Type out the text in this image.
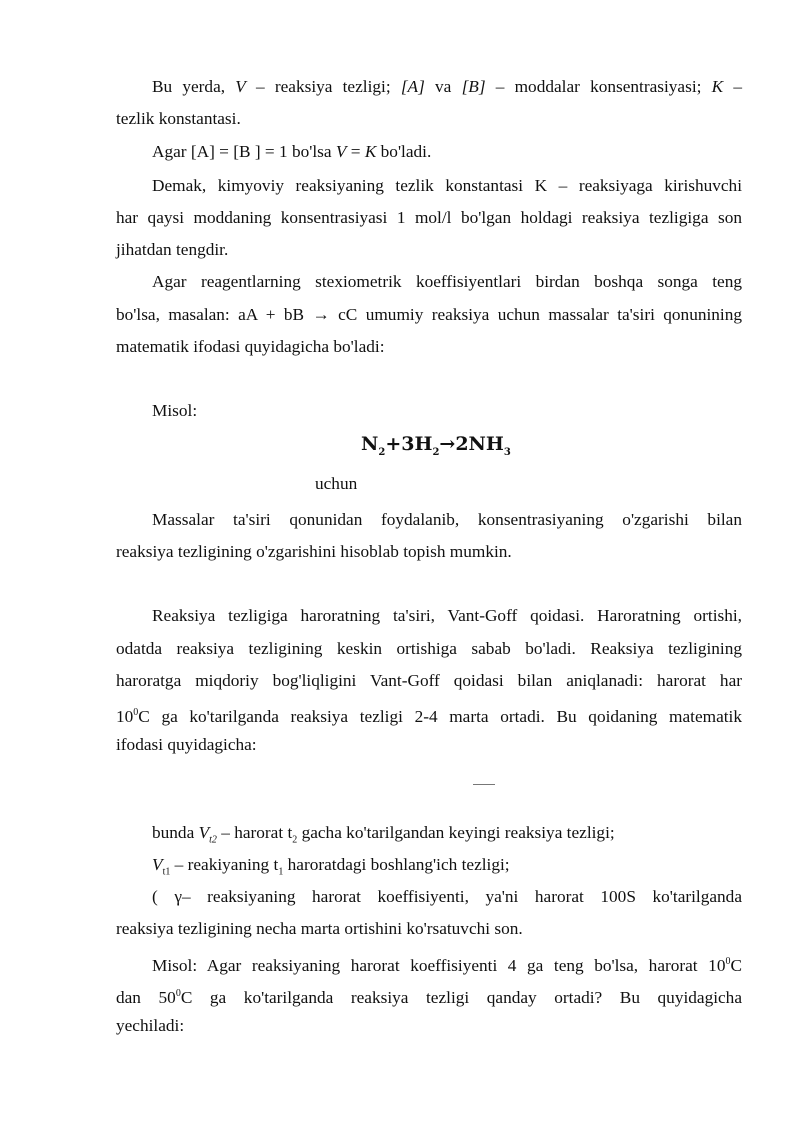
Bu yerda, V – reaksiya tezligi; [A] va [B] – moddalar konsentrasiyasi; K –
tezlik konstantasi.
Agar [A] = [B ] = 1 bo'lsa V = K bo'ladi.
Demak, kimyoviy reaksiyaning tezlik konstantasi K – reaksiyaga kirishuvchi
har qaysi moddaning konsentrasiyasi 1 mol/l bo'lgan holdagi reaksiya tezligiga son
jihatdan tengdir.
Agar reagentlarning stexiometrik koeffisiyentlari birdan boshqa songa teng
bo'lsa, masalan: aA + bB → cC umumiy reaksiya uchun massalar ta'siri qonunining
matematik ifodasi quyidagicha bo'ladi:
Misol:
$N_2+3H_2\to 2NH_3$
uchun
Massalar ta'siri qonunidan foydalanib, konsentrasiyaning o'zgarishi bilan
reaksiya tezligining o'zgarishini hisoblab topish mumkin.
Reaksiya tezligiga haroratning ta'siri, Vant-Goff qoidasi. Haroratning ortishi,
odatda reaksiya tezligining keskin ortishiga sabab bo'ladi. Reaksiya tezligining
haroratga miqdoriy bog'liqligini Vant-Goff qoidasi bilan aniqlanadi: harorat har
$10^0C$ ga ko'tarilganda reaksiya tezligi 2-4 marta ortadi. Bu qoidaning matematik
ifodasi quyidagicha:
bunda $V_{t2}$ – harorat $t_2$ gacha ko'tarilgandan keyingi reaksiya tezligi;
$V_{t1}$ – reakiyaning $t_1$ haroratdagi boshlang'ich tezligi;
( γ– reaksiyaning harorat koeffisiyenti, ya'ni harorat 100S ko'tarilganda
reaksiya tezligining necha marta ortishini ko'rsatuvchi son.
Misol: Agar reaksiyaning harorat koeffisiyenti 4 ga teng bo'lsa, harorat $10^0C$
dan $50^0C$ ga ko'tarilganda reaksiya tezligi qanday ortadi? Bu quyidagicha
yechiladi:
